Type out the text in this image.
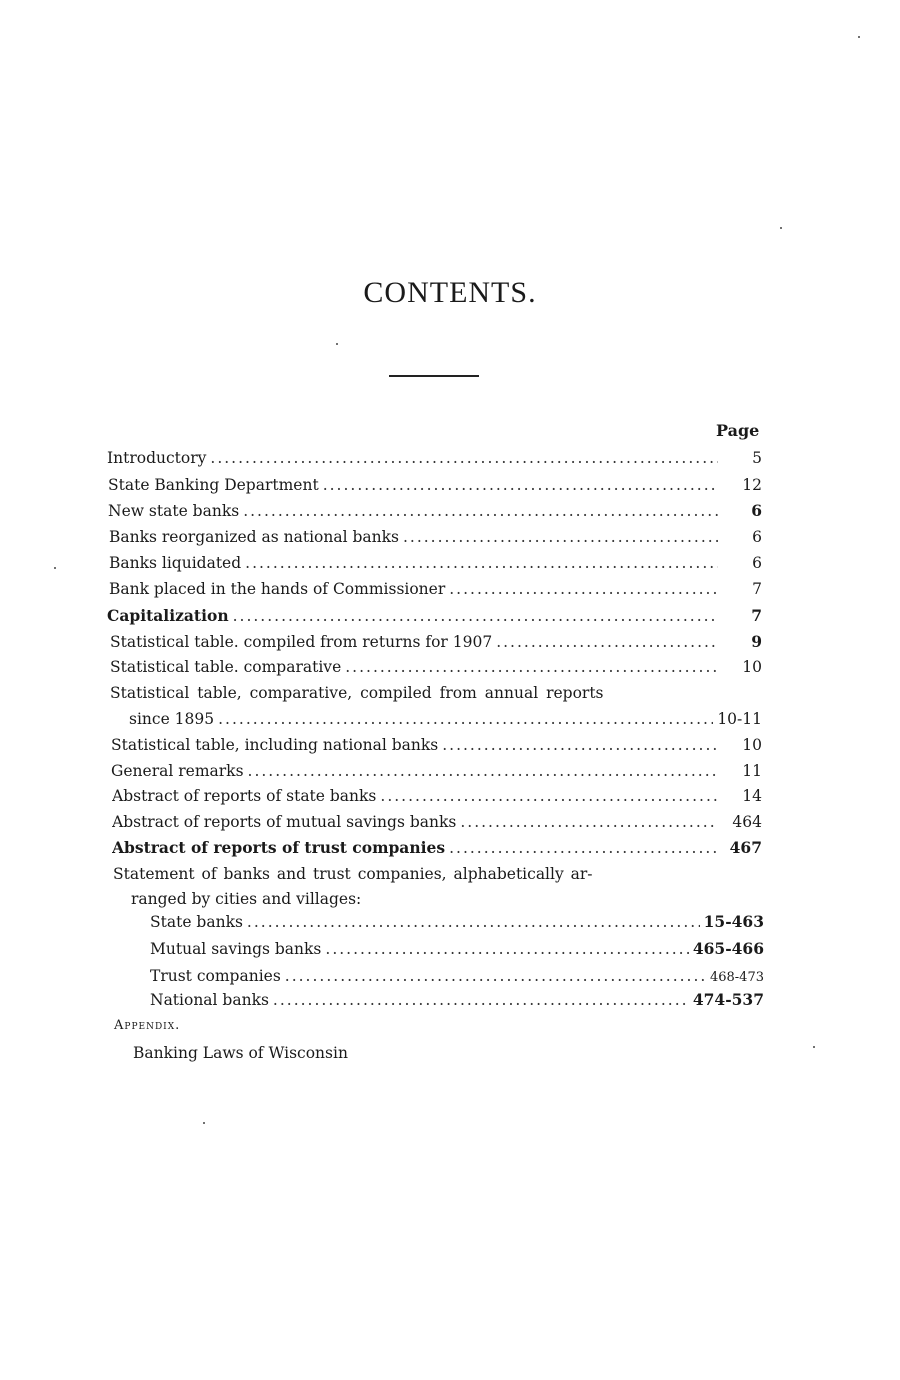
CONTENTS.
Page
Introductory .....	5
State Banking Department .....	12
New state banks .....	6
Banks reorganized as national banks .....	6
Banks liquidated .....	6
Bank placed in the hands of Commissioner .....	7
Capitalization .....	7
Statistical table. compiled from returns for 1907 .....	9
Statistical table. comparative .....	10
Statistical table, comparative, compiled from annual reports
since 1895 .....	10-11
Statistical table, including national banks .....	10
General remarks .....	11
Abstract of reports of state banks .....	14
Abstract of reports of mutual savings banks .....	464
Abstract of reports of trust companies .....	467
Statement of banks and trust companies, alphabetically ar-
ranged by cities and villages:
State banks .....	15-463
Mutual savings banks .....	465-466
Trust companies .....	468-473
National banks .....	474-537
Appendix.
Banking Laws of Wisconsin
